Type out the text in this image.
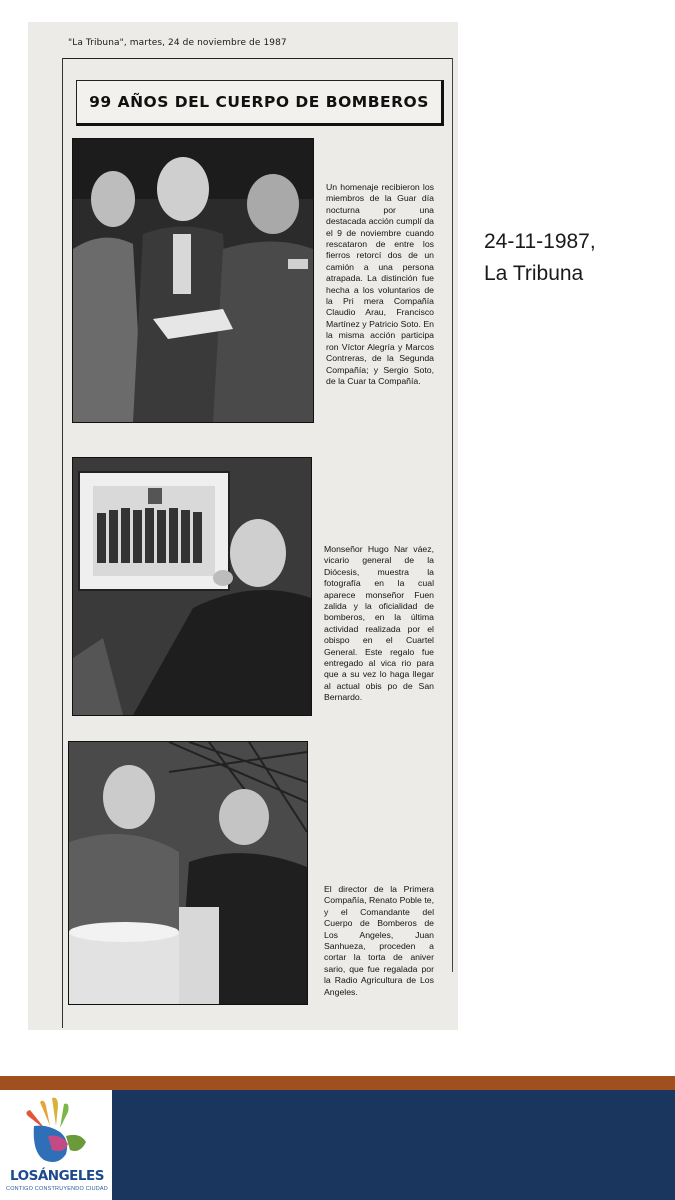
"La Tribuna", martes, 24 de noviembre de 1987
99 AÑOS DEL CUERPO DE BOMBEROS
Un homenaje recibieron los miembros de la Guar día nocturna por una destacada acción cumplí da el 9 de noviembre cuando rescataron de entre los fierros retorcí dos de un camión a una persona atrapada. La distinción fue hecha a los voluntarios de la Pri mera Compañía Claudio Arau, Francisco Martínez y Patricio Soto. En la misma acción participa ron Víctor Alegría y Marcos Contreras, de la Segunda Compañía; y Sergio Soto, de la Cuar ta Compañía.
Monseñor Hugo Nar váez, vicario general de la Diócesis, muestra la fotografía en la cual aparece monseñor Fuen zalida y la oficialidad de bomberos, en la última actividad realizada por el obispo en el Cuartel General. Este regalo fue entregado al vica rio para que a su vez lo haga llegar al actual obis po de San Bernardo.
El director de la Primera Compañía, Renato Poble te, y el Comandante del Cuerpo de Bomberos de Los Angeles, Juan Sanhueza, proceden a cortar la torta de aniver sario, que fue regalada por la Radio Agricultura de Los Angeles.
24-11-1987,
La Tribuna
LOSÁNGELES
CONTIGO CONSTRUYENDO CIUDAD
